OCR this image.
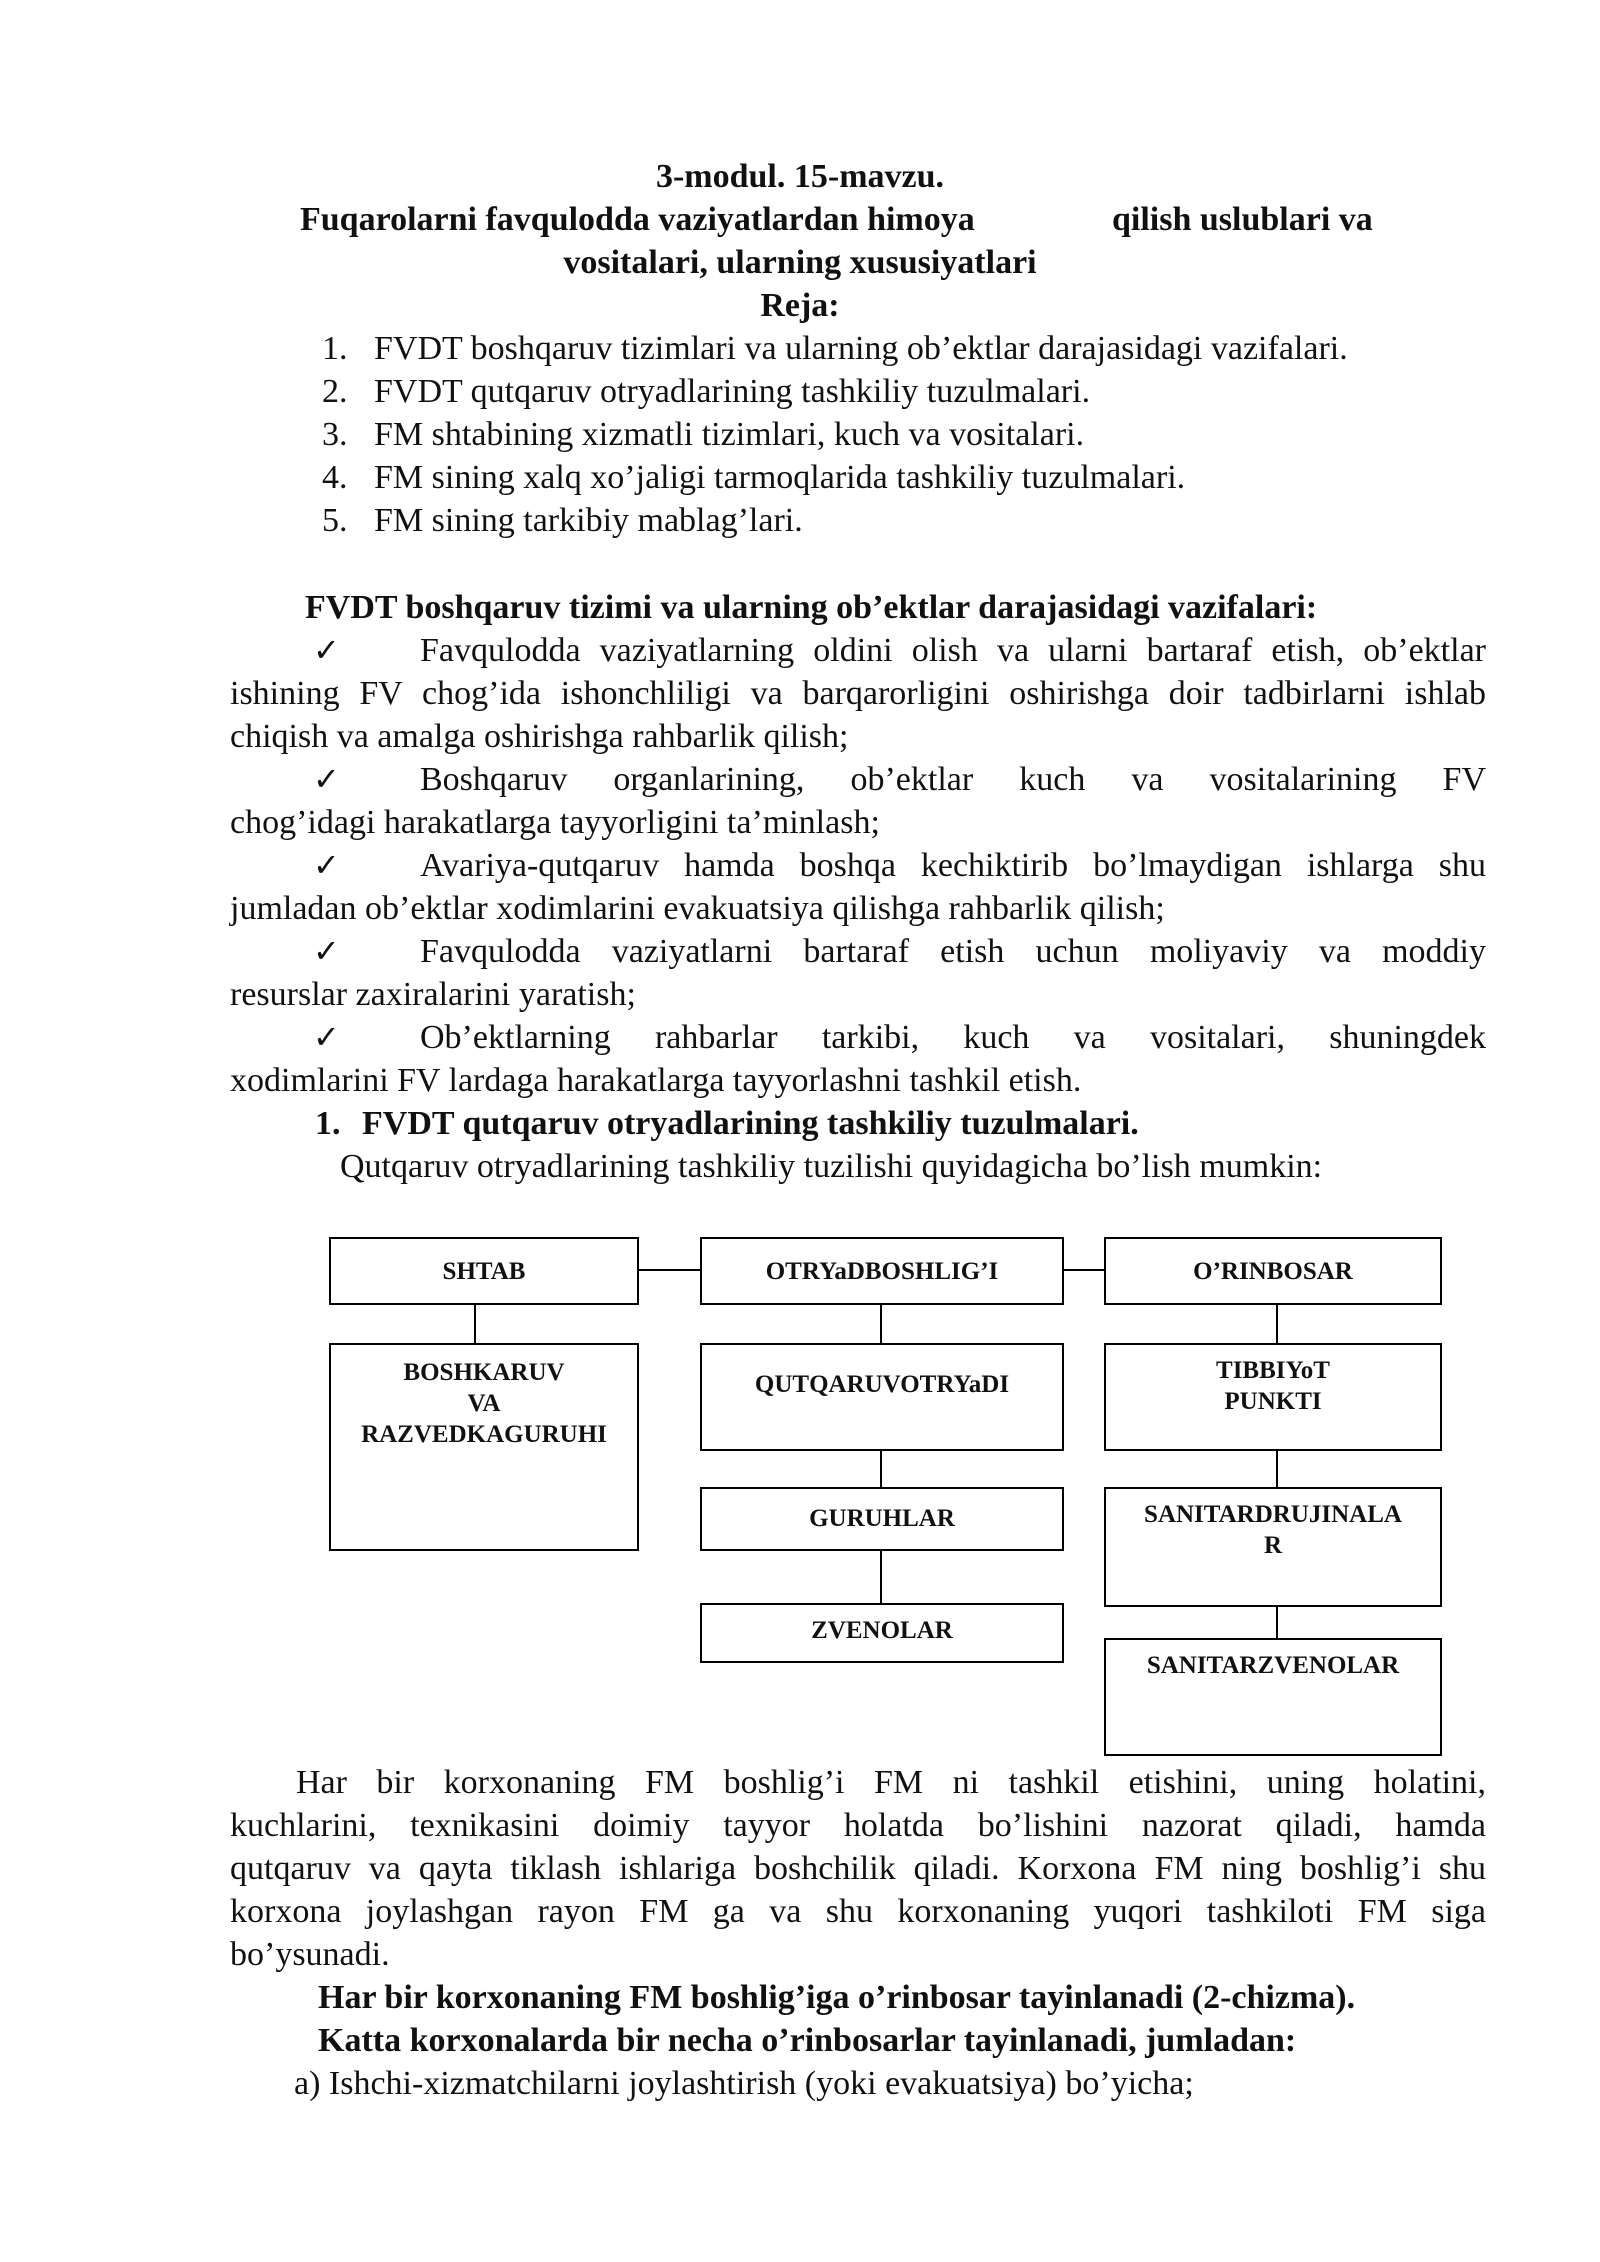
3-modul. 15-mavzu.
Fuqarolarni favqulodda vaziyatlardan himoya	qilish uslublari va
vositalari, ularning xususiyatlari
Reja:
1. FVDT boshqaruv tizimlari va ularning ob’ektlar darajasidagi vazifalari.
2. FVDT qutqaruv otryadlarining tashkiliy tuzulmalari.
3. FM shtabining xizmatli tizimlari, kuch va vositalari.
4. FM sining xalq xo’jaligi tarmoqlarida tashkiliy tuzulmalari.
5. FM sining tarkibiy mablag’lari.
FVDT boshqaruv tizimi va ularning ob’ektlar darajasidagi vazifalari:
✓ Favqulodda vaziyatlarning oldini olish va ularni bartaraf etish, ob’ektlar
ishining FV chog’ida ishonchliligi va barqarorligini oshirishga doir tadbirlarni ishlab
chiqish va amalga oshirishga rahbarlik qilish;
✓ Boshqaruv organlarining, ob’ektlar kuch va vositalarining FV
chog’idagi harakatlarga tayyorligini ta’minlash;
✓ Avariya-qutqaruv hamda boshqa kechiktirib bo’lmaydigan ishlarga shu
jumladan ob’ektlar xodimlarini evakuatsiya qilishga rahbarlik qilish;
✓ Favqulodda vaziyatlarni bartaraf etish uchun moliyaviy va moddiy
resurslar zaxiralarini yaratish;
✓ Ob’ektlarning rahbarlar tarkibi, kuch va vositalari, shuningdek
xodimlarini FV lardaga harakatlarga tayyorlashni tashkil etish.
1. FVDT qutqaruv otryadlarining tashkiliy tuzulmalari.
Qutqaruv otryadlarining tashkiliy tuzilishi quyidagicha bo’lish mumkin:
SHTAB	OTRYaDBOSHLIG’I	O’RINBOSAR
BOSHKARUV
VA
RAZVEDKAGURUHI
QUTQARUVOTRYaDI
TIBBIYoT
PUNKTI
GURUHLAR	SANITARDRUJINALA
R
ZVENOLAR
SANITARZVENOLAR
Har bir korxonaning FM boshlig’i FM ni tashkil etishini, uning holatini,
kuchlarini, texnikasini doimiy tayyor holatda bo’lishini nazorat qiladi, hamda
qutqaruv va qayta tiklash ishlariga boshchilik qiladi. Korxona FM ning boshlig’i shu
korxona joylashgan rayon FM ga va shu korxonaning yuqori tashkiloti FM siga
bo’ysunadi.
Har bir korxonaning FM boshlig’iga o’rinbosar tayinlanadi (2-chizma).
Katta korxonalarda bir necha o’rinbosarlar tayinlanadi, jumladan:
a) Ishchi-xizmatchilarni joylashtirish (yoki evakuatsiya) bo’yicha;
